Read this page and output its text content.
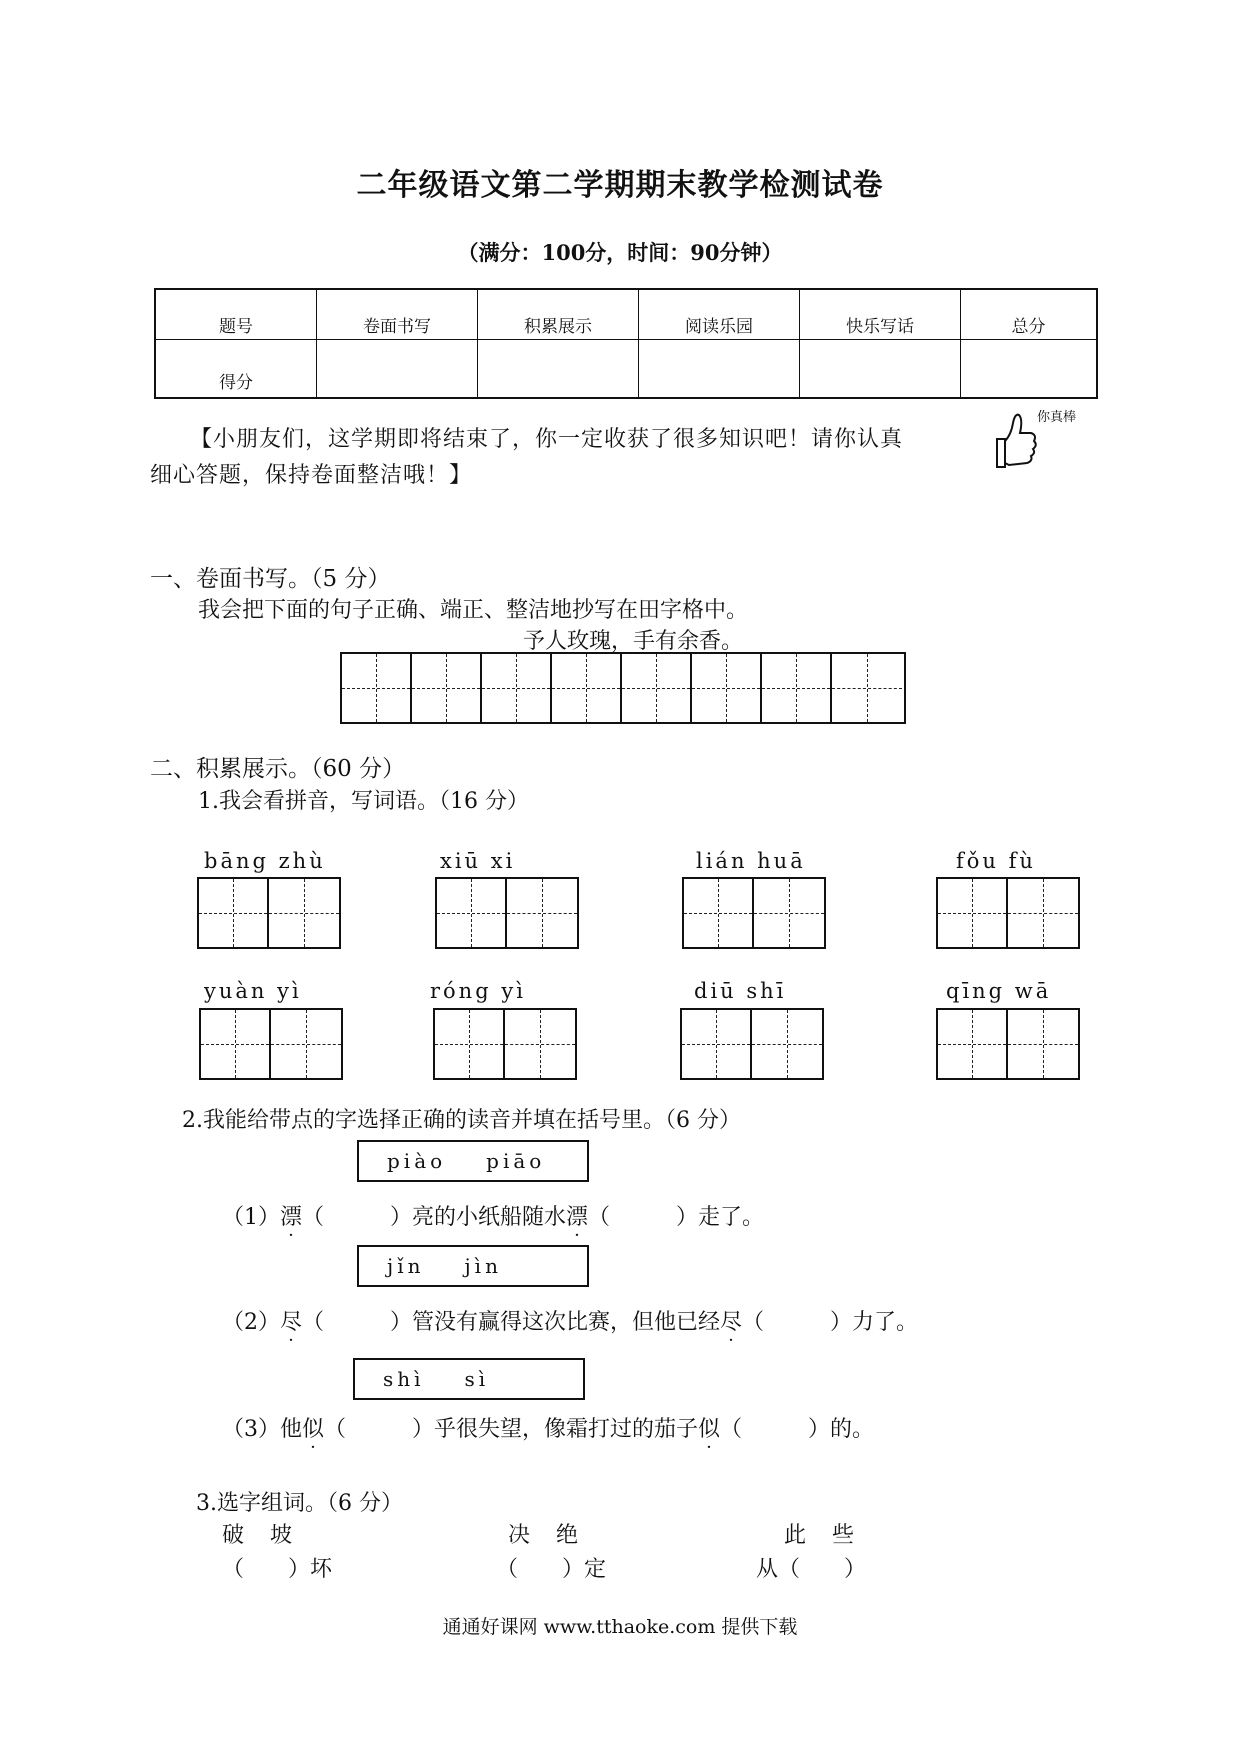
二年级语文第二学期期末教学检测试卷
（满分：100分，时间：90分钟）
题号	卷面书写	积累展示	阅读乐园	快乐写话	总分
得分					
【小朋友们，这学期即将结束了，你一定收获了很多知识吧！请你认真
细心答题，保持卷面整洁哦！】
你真棒
一、卷面书写。（5 分）
我会把下面的句子正确、端正、整洁地抄写在田字格中。
予人玫瑰，手有余香。
二、积累展示。（60 分）
1.我会看拼音，写词语。（16 分）
bāng zhù	xiū xi	lián huā	fǒu fù
yuàn yì	róng yì	diū shī	qīng wā
2.我能给带点的字选择正确的读音并填在括号里。（6 分）
piào piāo
（1）漂（　　　）亮的小纸船随水漂（　　　）走了。
jǐn jìn
（2）尽（　　　）管没有赢得这次比赛，但他已经尽（　　　）力了。
shì sì
（3）他似（　　　）乎很失望，像霜打过的茄子似（　　　）的。
3.选字组词。（6 分）
破　坡
（　　）坏
决　绝
（　　）定
此　些
从（　　）
通通好课网 www.tthaoke.com 提供下载
